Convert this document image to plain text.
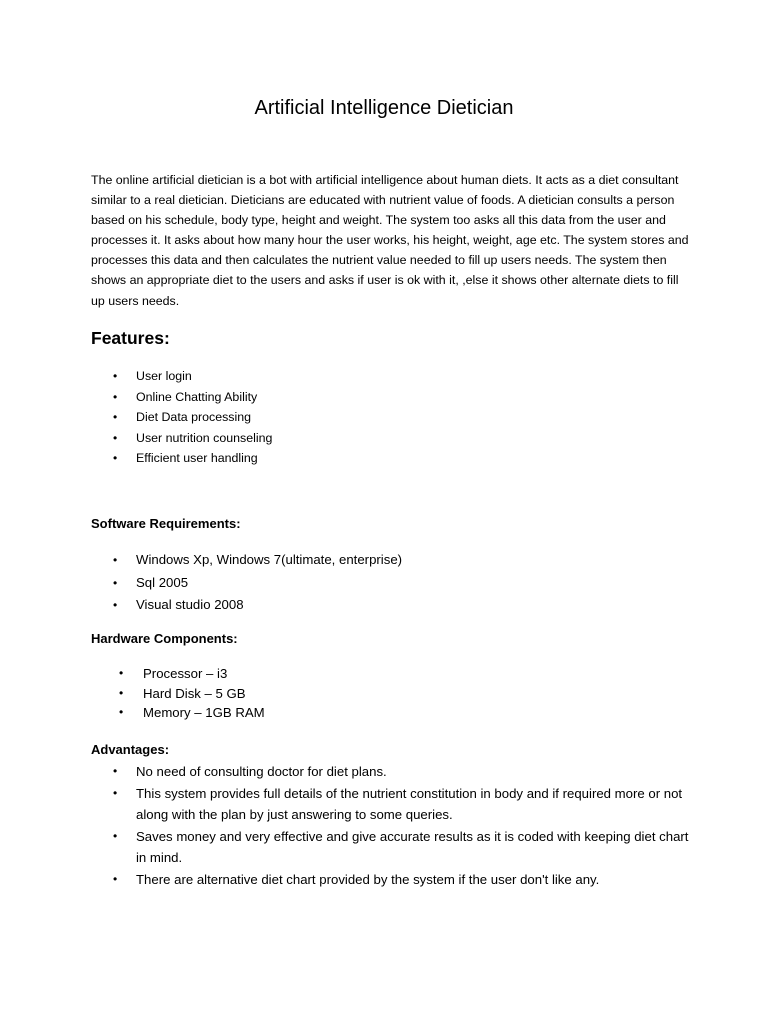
Artificial Intelligence Dietician

The online artificial dietician is a bot with artificial intelligence about human diets. It acts as a diet consultant similar to a real dietician. Dieticians are educated with nutrient value of foods. A dietician consults a person based on his schedule, body type, height and weight. The system too asks all this data from the user and processes it. It asks about how many hour the user works, his height, weight, age etc. The system stores and processes this data and then calculates the nutrient value needed to fill up users needs. The system then shows an appropriate diet to the users and asks if user is ok with it, ,else it shows other alternate diets to fill up users needs.

Features:
• User login
• Online Chatting Ability
• Diet Data processing
• User nutrition counseling
• Efficient user handling
Software Requirements:
• Windows Xp, Windows 7(ultimate, enterprise)
• Sql 2005
• Visual studio 2008
Hardware Components:
• Processor – i3
• Hard Disk – 5 GB
• Memory – 1GB RAM
Advantages:
• No need of consulting doctor for diet plans.
• This system provides full details of the nutrient constitution in body and if required more or not along with the plan by just answering to some queries.
• Saves money and very effective and give accurate results as it is coded with keeping diet chart in mind.
• There are alternative diet chart provided by the system if the user don't like any.
